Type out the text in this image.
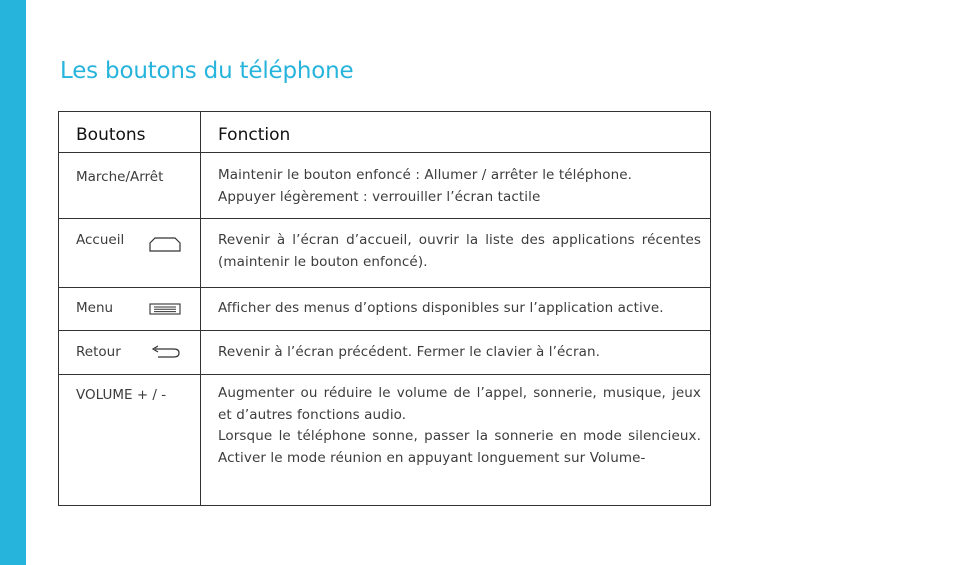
Les boutons du téléphone
Boutons	Fonction
Marche/Arrêt	Maintenir le bouton enfoncé : Allumer / arrêter le téléphone.

Appuyer légèrement : verrouiller l’écran tactile

Accueil	Revenir à l’écran d’accueil, ouvrir la liste des applications récentes (maintenir le bouton enfoncé).

Menu	Afficher des menus d’options disponibles sur l’application active.

Retour	Revenir à l’écran précédent. Fermer le clavier à l’écran.

VOLUME + / -	Augmenter ou réduire le volume de l’appel, sonnerie, musique, jeux et d’autres fonctions audio.

Lorsque le téléphone sonne, passer la sonnerie en mode silencieux. Activer le mode réunion en appuyant longuement sur Volume-
